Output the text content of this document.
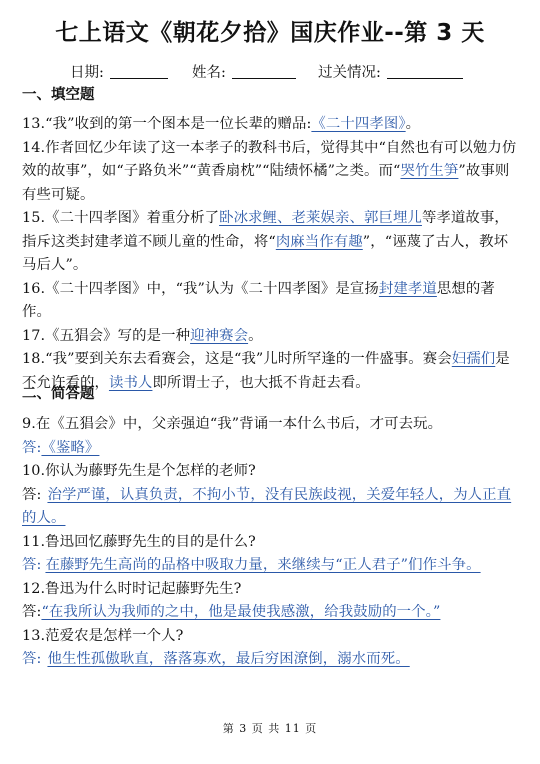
七上语文《朝花夕拾》国庆作业--第 3 天
日期:	姓名:	过关情况:
一、填空题

13.“我”收到的第一个图本是一位长辈的赠品:《二十四孝图》。

14.作者回忆少年读了这一本孝子的教科书后，觉得其中“自然也有可以勉力仿效的故事”，如“子路负米”“黄香扇枕”“陆绩怀橘”之类。而“哭竹生笋”故事则有些可疑。

15.《二十四孝图》着重分析了卧冰求鲤、老莱娱亲、郭巨埋儿等孝道故事，指斥这类封建孝道不顾儿童的性命，将“肉麻当作有趣”，“诬蔑了古人，教坏马后人”。

16.《二十四孝图》中，“我”认为《二十四孝图》是宣扬封建孝道思想的著作。

17.《五猖会》写的是一种迎神赛会。

18.“我”要到关东去看赛会，这是“我”儿时所罕逢的一件盛事。赛会妇孺们是不允许看的，读书人即所谓士子，也大抵不肯赶去看。

二、简答题

9.在《五猖会》中，父亲强迫“我”背诵一本什么书后，才可去玩。

答:《鉴略》

10.你认为藤野先生是个怎样的老师?

答: 治学严谨，认真负责，不拘小节，没有民族歧视，关爱年轻人，为人正直的人。

11.鲁迅回忆藤野先生的目的是什么?

答: 在藤野先生高尚的品格中吸取力量，来继续与“正人君子”们作斗争。

12.鲁迅为什么时时记起藤野先生?

答:“在我所认为我师的之中，他是最使我感激，给我鼓励的一个。”

13.范爱农是怎样一个人?

答: 他生性孤傲耿直，落落寡欢，最后穷困潦倒，溺水而死。

第 3 页 共 11 页
